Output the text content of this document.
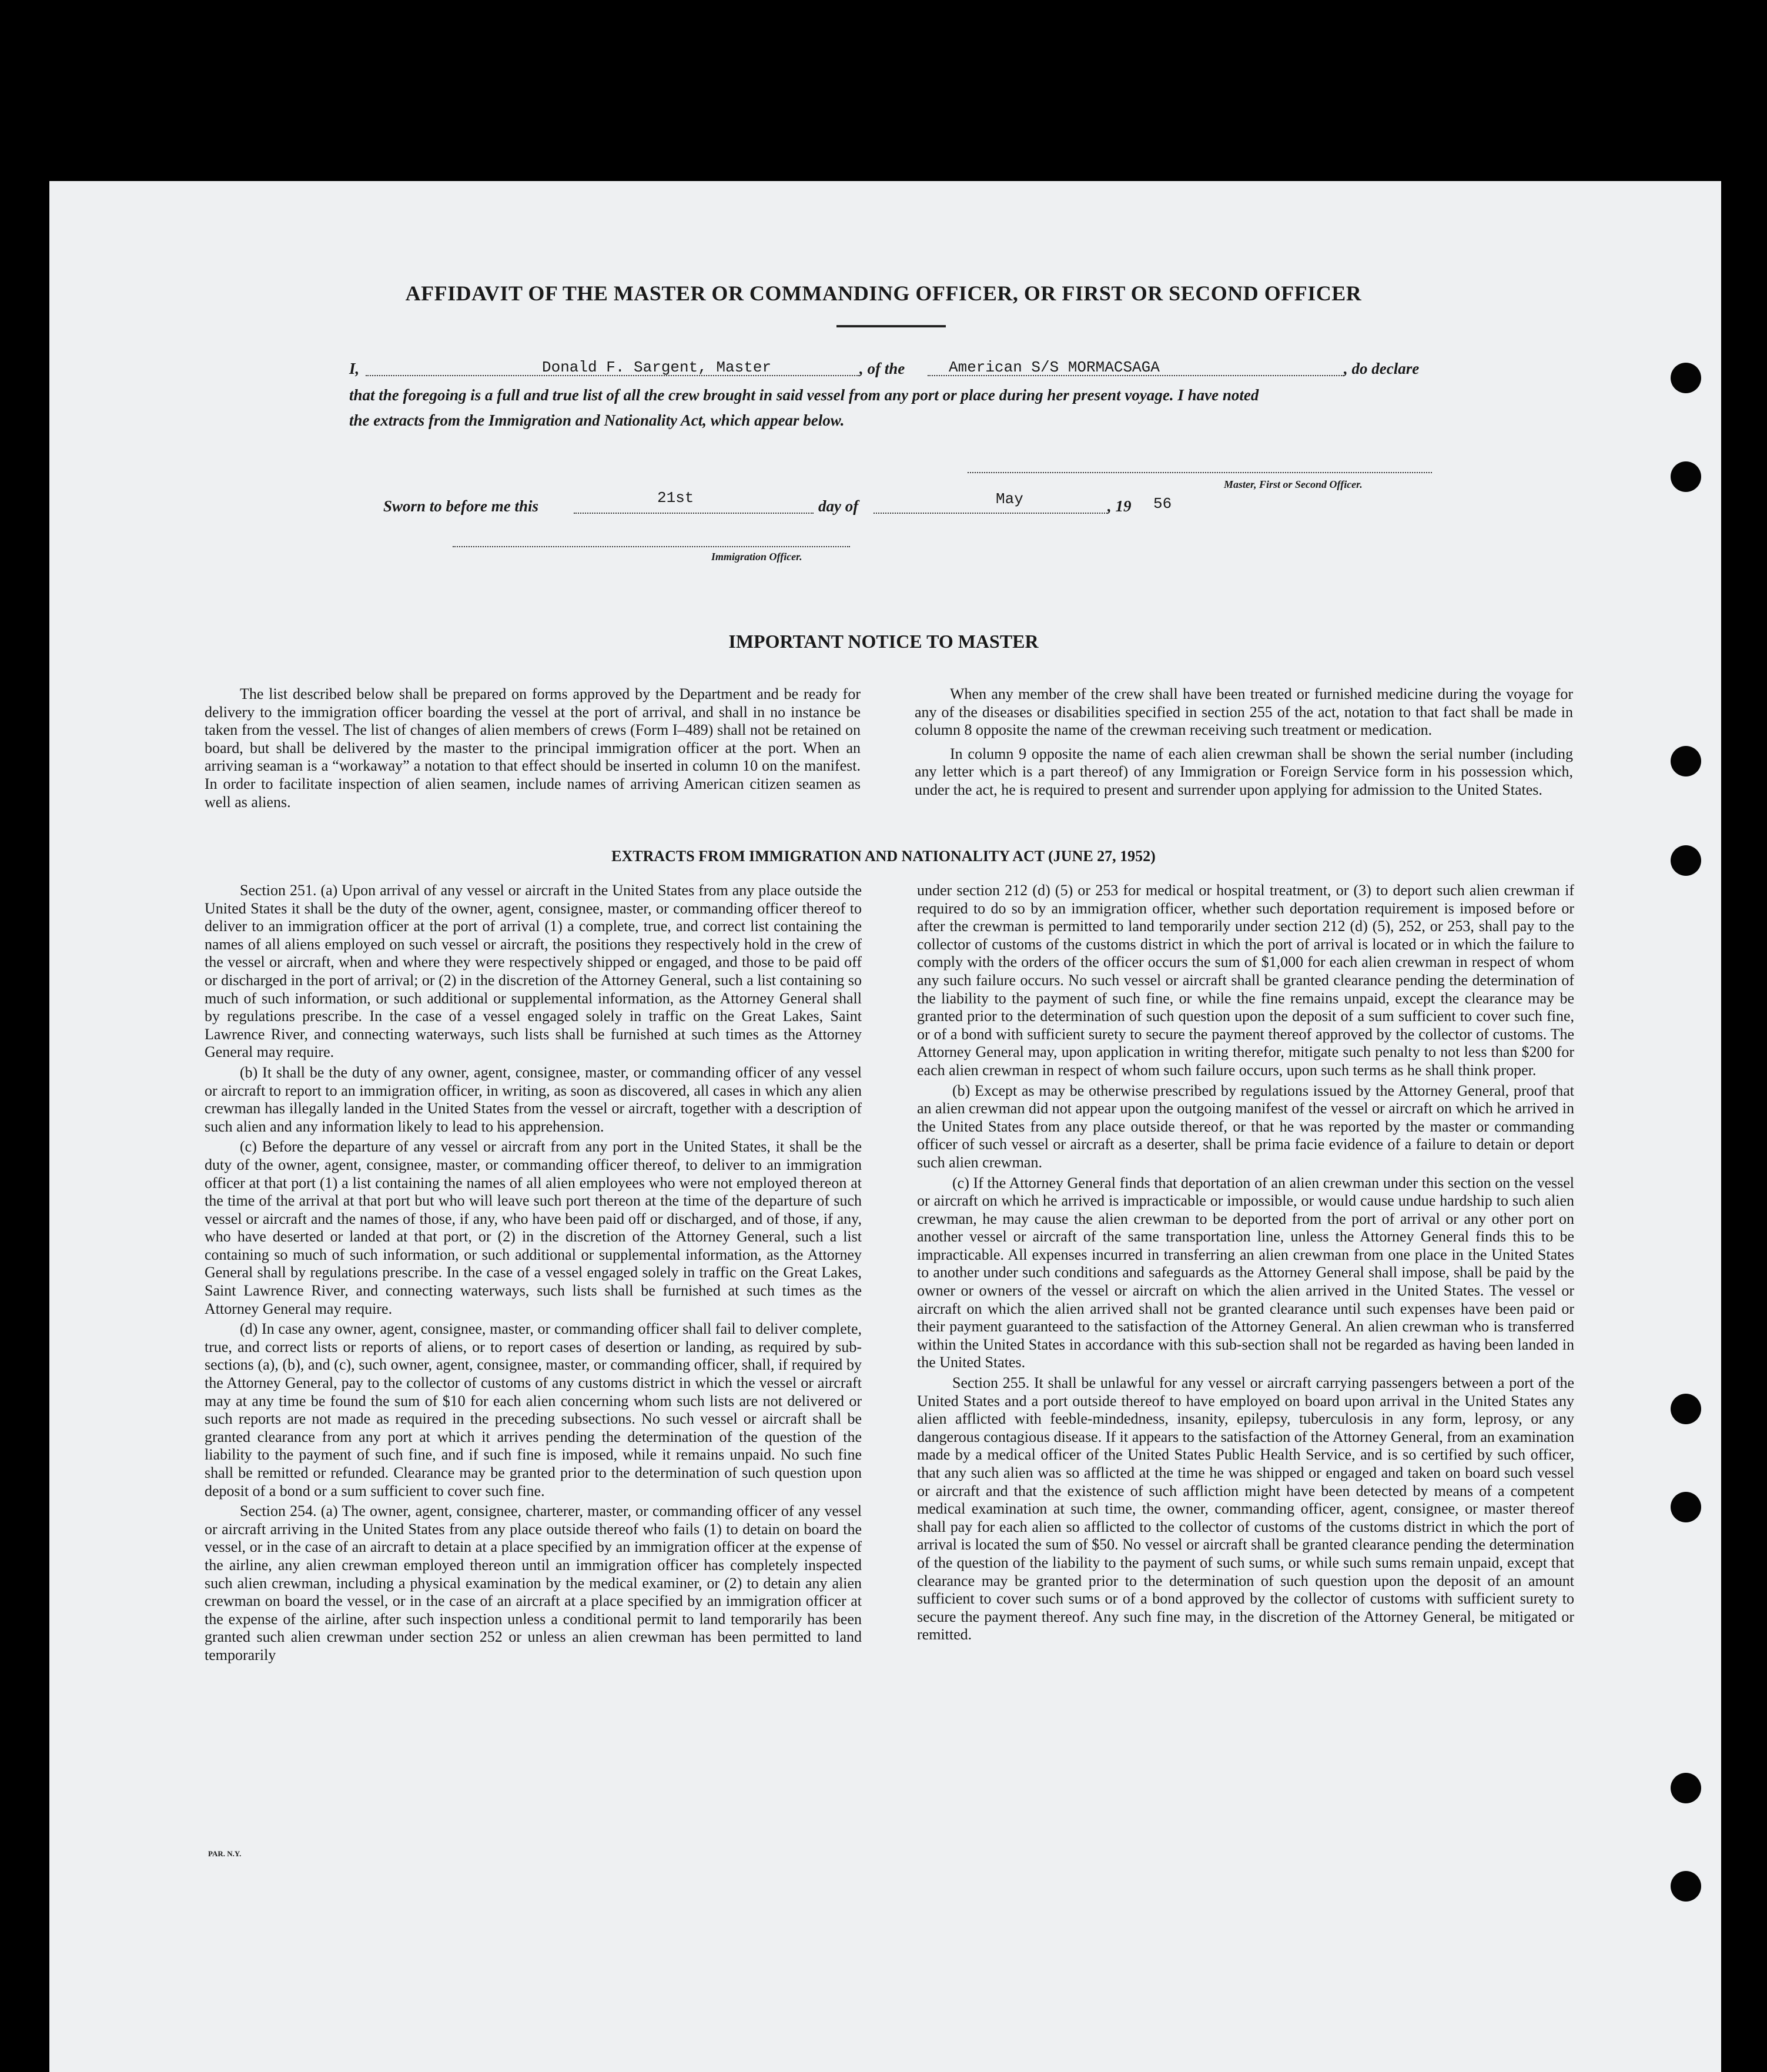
AFFIDAVIT OF THE MASTER OR COMMANDING OFFICER, OR FIRST OR SECOND OFFICER
I,	Donald F. Sargent, Master	, of the	American S/S MORMACSAGA	, do declare
that the foregoing is a full and true list of all the crew brought in said vessel from any port or place during her present voyage. I have noted
the extracts from the Immigration and Nationality Act, which appear below.
Master, First or Second Officer.
Sworn to before me this	21st	day of	May	, 19 56
Immigration Officer.
IMPORTANT NOTICE TO MASTER

The list described below shall be prepared on forms approved by the Department and be ready for delivery to the immigration officer boarding the vessel at the port of arrival, and shall in no instance be taken from the vessel. The list of changes of alien members of crews (Form I–489) shall not be retained on board, but shall be delivered by the master to the principal immigration officer at the port. When an arriving seaman is a “workaway” a notation to that effect should be inserted in column 10 on the manifest. In order to facilitate inspection of alien seamen, include names of arriving American citizen seamen as well as aliens.

When any member of the crew shall have been treated or furnished medicine during the voyage for any of the diseases or disabilities specified in section 255 of the act, notation to that fact shall be made in column 8 opposite the name of the crewman receiving such treatment or medication.

In column 9 opposite the name of each alien crewman shall be shown the serial number (including any letter which is a part thereof) of any Immigration or Foreign Service form in his possession which, under the act, he is required to present and surrender upon applying for admission to the United States.

EXTRACTS FROM IMMIGRATION AND NATIONALITY ACT (JUNE 27, 1952)

Section 251. (a) Upon arrival of any vessel or aircraft in the United States from any place outside the United States it shall be the duty of the owner, agent, consignee, master, or commanding officer thereof to deliver to an immigration officer at the port of arrival (1) a complete, true, and correct list containing the names of all aliens employed on such vessel or aircraft, the positions they respectively hold in the crew of the vessel or aircraft, when and where they were respectively shipped or engaged, and those to be paid off or discharged in the port of arrival; or (2) in the discretion of the Attorney General, such a list containing so much of such information, or such additional or supplemental information, as the Attorney General shall by regulations prescribe. In the case of a vessel engaged solely in traffic on the Great Lakes, Saint Lawrence River, and connecting waterways, such lists shall be furnished at such times as the Attorney General may require.

(b) It shall be the duty of any owner, agent, consignee, master, or commanding officer of any vessel or aircraft to report to an immigration officer, in writing, as soon as discovered, all cases in which any alien crewman has illegally landed in the United States from the vessel or aircraft, together with a description of such alien and any information likely to lead to his apprehension.

(c) Before the departure of any vessel or aircraft from any port in the United States, it shall be the duty of the owner, agent, consignee, master, or commanding officer thereof, to deliver to an immigration officer at that port (1) a list containing the names of all alien employees who were not employed thereon at the time of the arrival at that port but who will leave such port thereon at the time of the departure of such vessel or aircraft and the names of those, if any, who have been paid off or discharged, and of those, if any, who have deserted or landed at that port, or (2) in the discretion of the Attorney General, such a list containing so much of such information, or such additional or supplemental information, as the Attorney General shall by regulations prescribe. In the case of a vessel engaged solely in traffic on the Great Lakes, Saint Lawrence River, and connecting waterways, such lists shall be furnished at such times as the Attorney General may require.

(d) In case any owner, agent, consignee, master, or commanding officer shall fail to deliver complete, true, and correct lists or reports of aliens, or to report cases of desertion or landing, as required by sub-sections (a), (b), and (c), such owner, agent, consignee, master, or commanding officer, shall, if required by the Attorney General, pay to the collector of customs of any customs district in which the vessel or aircraft may at any time be found the sum of $10 for each alien concerning whom such lists are not delivered or such reports are not made as required in the preceding subsections. No such vessel or aircraft shall be granted clearance from any port at which it arrives pending the determination of the question of the liability to the payment of such fine, and if such fine is imposed, while it remains unpaid. No such fine shall be remitted or refunded. Clearance may be granted prior to the determination of such question upon deposit of a bond or a sum sufficient to cover such fine.

Section 254. (a) The owner, agent, consignee, charterer, master, or commanding officer of any vessel or aircraft arriving in the United States from any place outside thereof who fails (1) to detain on board the vessel, or in the case of an aircraft to detain at a place specified by an immigration officer at the expense of the airline, any alien crewman employed thereon until an immigration officer has completely inspected such alien crewman, including a physical examination by the medical examiner, or (2) to detain any alien crewman on board the vessel, or in the case of an aircraft at a place specified by an immigration officer at the expense of the airline, after such inspection unless a conditional permit to land temporarily has been granted such alien crewman under section 252 or unless an alien crewman has been permitted to land temporarily

under section 212 (d) (5) or 253 for medical or hospital treatment, or (3) to deport such alien crewman if required to do so by an immigration officer, whether such deportation requirement is imposed before or after the crewman is permitted to land temporarily under section 212 (d) (5), 252, or 253, shall pay to the collector of customs of the customs district in which the port of arrival is located or in which the failure to comply with the orders of the officer occurs the sum of $1,000 for each alien crewman in respect of whom any such failure occurs. No such vessel or aircraft shall be granted clearance pending the determination of the liability to the payment of such fine, or while the fine remains unpaid, except the clearance may be granted prior to the determination of such question upon the deposit of a sum sufficient to cover such fine, or of a bond with sufficient surety to secure the payment thereof approved by the collector of customs. The Attorney General may, upon application in writing therefor, mitigate such penalty to not less than $200 for each alien crewman in respect of whom such failure occurs, upon such terms as he shall think proper.

(b) Except as may be otherwise prescribed by regulations issued by the Attorney General, proof that an alien crewman did not appear upon the outgoing manifest of the vessel or aircraft on which he arrived in the United States from any place outside thereof, or that he was reported by the master or commanding officer of such vessel or aircraft as a deserter, shall be prima facie evidence of a failure to detain or deport such alien crewman.

(c) If the Attorney General finds that deportation of an alien crewman under this section on the vessel or aircraft on which he arrived is impracticable or impossible, or would cause undue hardship to such alien crewman, he may cause the alien crewman to be deported from the port of arrival or any other port on another vessel or aircraft of the same transportation line, unless the Attorney General finds this to be impracticable. All expenses incurred in transferring an alien crewman from one place in the United States to another under such conditions and safeguards as the Attorney General shall impose, shall be paid by the owner or owners of the vessel or aircraft on which the alien arrived in the United States. The vessel or aircraft on which the alien arrived shall not be granted clearance until such expenses have been paid or their payment guaranteed to the satisfaction of the Attorney General. An alien crewman who is transferred within the United States in accordance with this sub-section shall not be regarded as having been landed in the United States.

Section 255. It shall be unlawful for any vessel or aircraft carrying passengers between a port of the United States and a port outside thereof to have employed on board upon arrival in the United States any alien afflicted with feeble-mindedness, insanity, epilepsy, tuberculosis in any form, leprosy, or any dangerous contagious disease. If it appears to the satisfaction of the Attorney General, from an examination made by a medical officer of the United States Public Health Service, and is so certified by such officer, that any such alien was so afflicted at the time he was shipped or engaged and taken on board such vessel or aircraft and that the existence of such affliction might have been detected by means of a competent medical examination at such time, the owner, commanding officer, agent, consignee, or master thereof shall pay for each alien so afflicted to the collector of customs of the customs district in which the port of arrival is located the sum of $50. No vessel or aircraft shall be granted clearance pending the determination of the question of the liability to the payment of such sums, or while such sums remain unpaid, except that clearance may be granted prior to the determination of such question upon the deposit of an amount sufficient to cover such sums or of a bond approved by the collector of customs with sufficient surety to secure the payment thereof. Any such fine may, in the discretion of the Attorney General, be mitigated or remitted.

PAR. N.Y.
